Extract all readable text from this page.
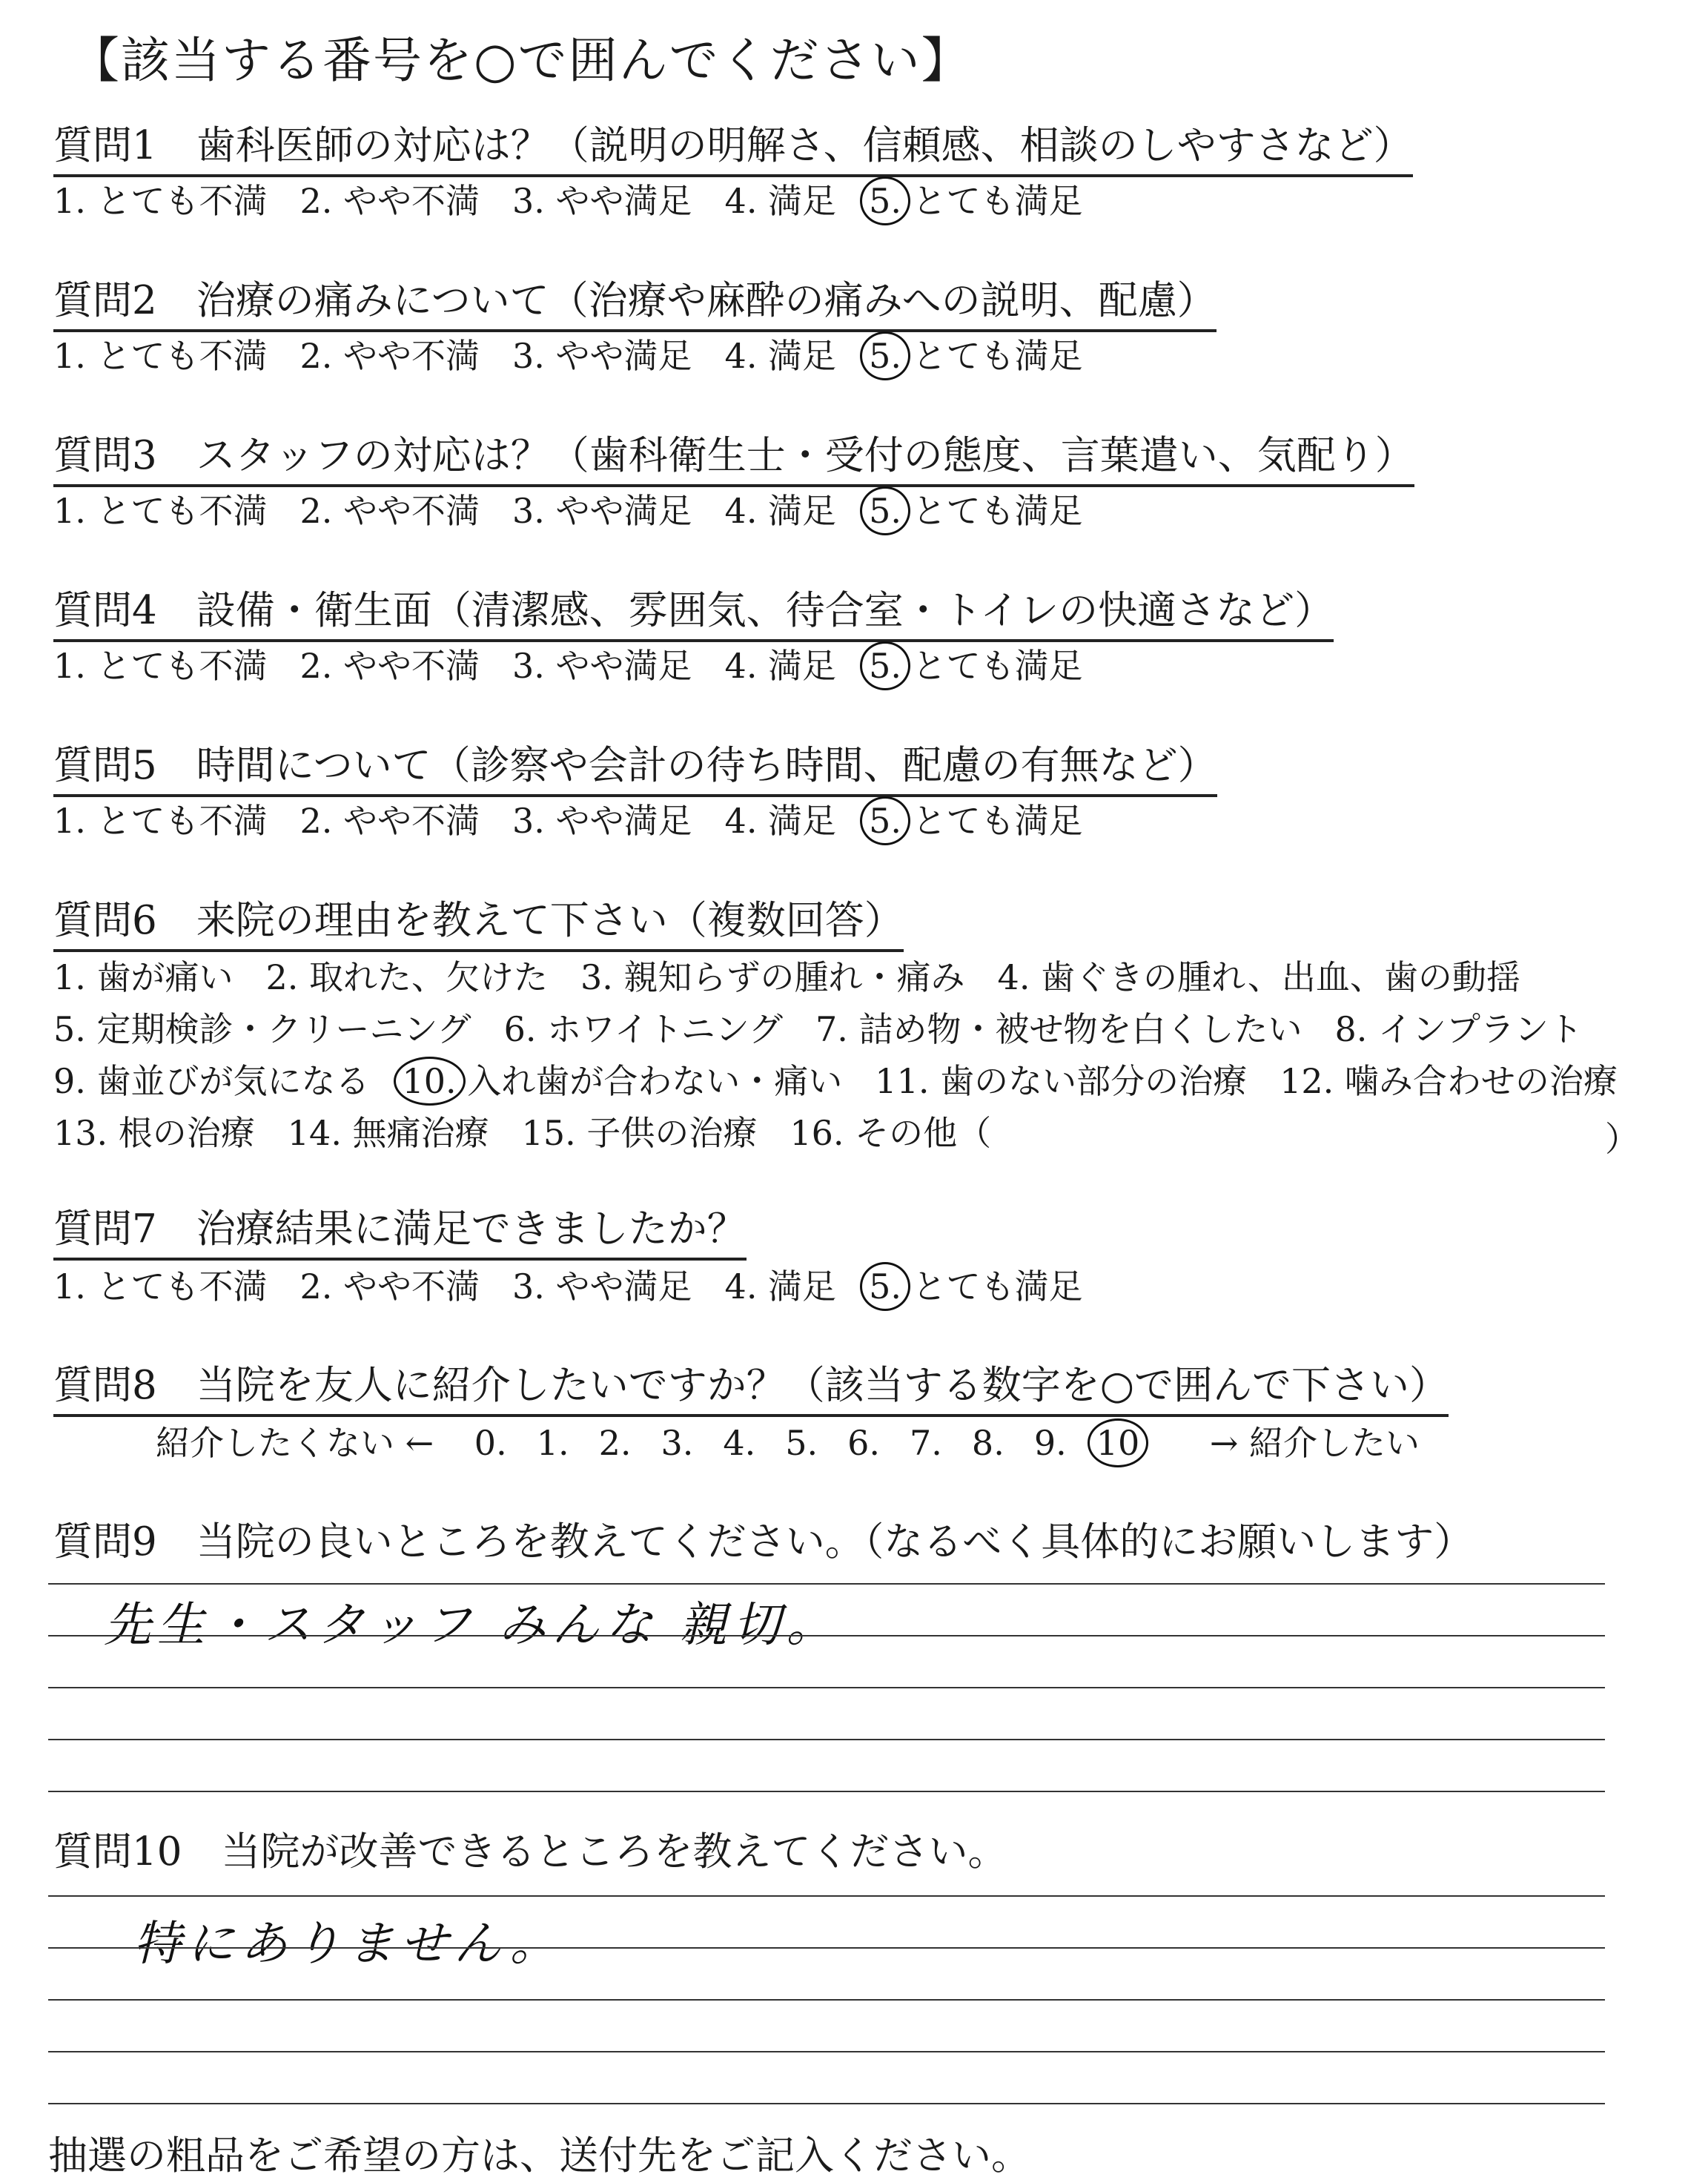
【該当する番号を○で囲んでください】
質問1　歯科医師の対応は？（説明の明解さ、信頼感、相談のしやすさなど）
1. とても不満 2. やや不満 3. やや満足 4. 満足 5. とても満足
質問2　治療の痛みについて（治療や麻酔の痛みへの説明、配慮）
1. とても不満 2. やや不満 3. やや満足 4. 満足 5. とても満足
質問3　スタッフの対応は？（歯科衛生士・受付の態度、言葉遣い、気配り）
1. とても不満 2. やや不満 3. やや満足 4. 満足 5. とても満足
質問4　設備・衛生面（清潔感、雰囲気、待合室・トイレの快適さなど）
1. とても不満 2. やや不満 3. やや満足 4. 満足 5. とても満足
質問5　時間について（診察や会計の待ち時間、配慮の有無など）
1. とても不満 2. やや不満 3. やや満足 4. 満足 5. とても満足
質問6　来院の理由を教えて下さい（複数回答）
1. 歯が痛い 2. 取れた、欠けた 3. 親知らずの腫れ・痛み 4. 歯ぐきの腫れ、出血、歯の動揺
5. 定期検診・クリーニング 6. ホワイトニング 7. 詰め物・被せ物を白くしたい 8. インプラント
9. 歯並びが気になる 10. 入れ歯が合わない・痛い 11. 歯のない部分の治療 12. 噛み合わせの治療
13. 根の治療 14. 無痛治療 15. 子供の治療 16. その他（	）
質問7　治療結果に満足できましたか？
1. とても不満 2. やや不満 3. やや満足 4. 満足 5. とても満足
質問8　当院を友人に紹介したいですか？（該当する数字を○で囲んで下さい）
紹介したくない ← 0. 1. 2. 3. 4. 5. 6. 7. 8. 9. 10 → 紹介したい
質問9　当院の良いところを教えてください。（なるべく具体的にお願いします）
先生・スタッフ みんな 親切。
質問10　当院が改善できるところを教えてください。
特にありません。
抽選の粗品をご希望の方は、送付先をご記入ください。
